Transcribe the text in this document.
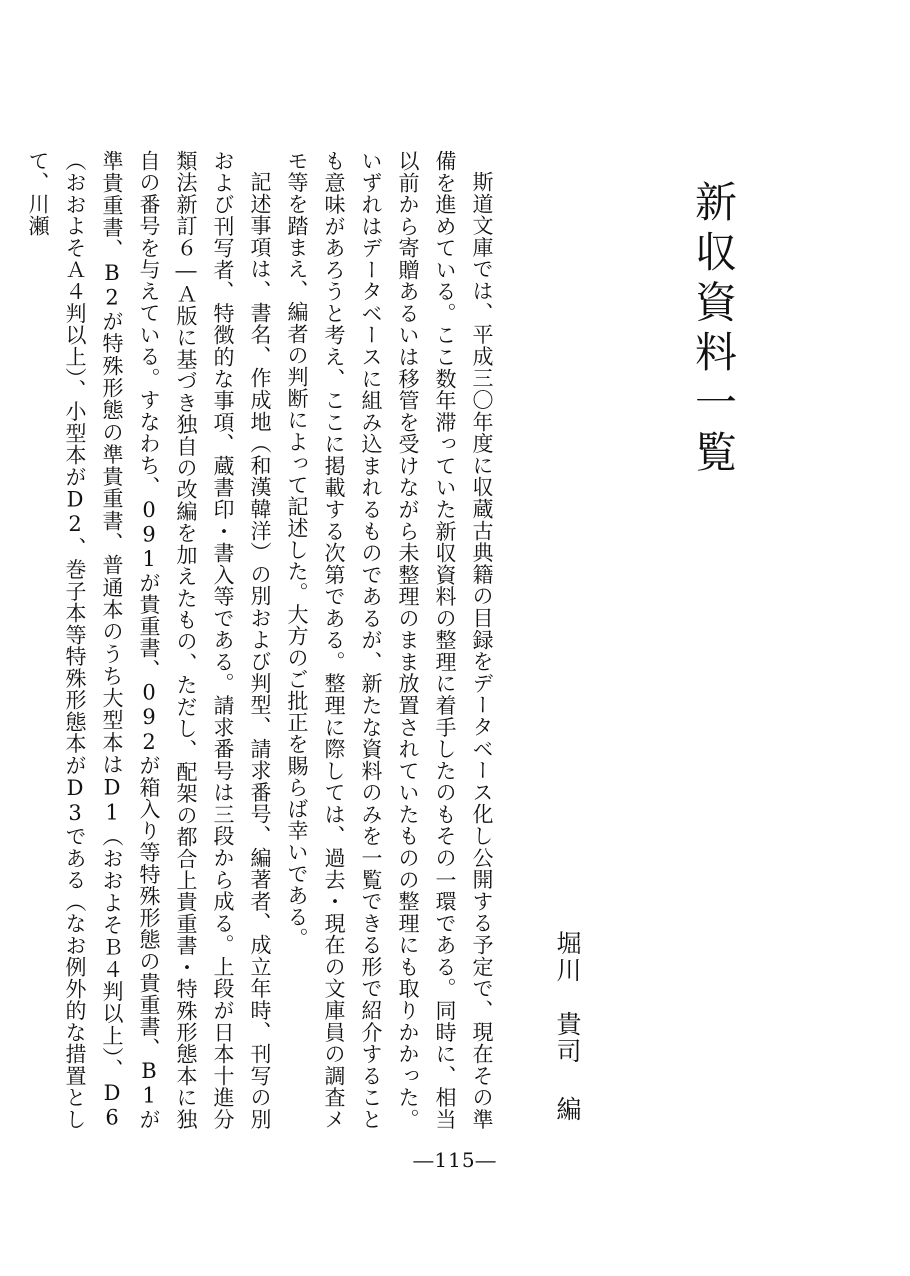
新収資料一覧
堀川　貴司 編

斯道文庫では、平成三〇年度に収蔵古典籍の目録をデータベース化し公開する予定で、現在その準備を進めている。ここ数年滞っていた新収資料の整理に着手したのもその一環である。同時に、相当以前から寄贈あるいは移管を受けながら未整理のまま放置されていたものの整理にも取りかかった。いずれはデータベースに組み込まれるものであるが、新たな資料のみを一覧できる形で紹介することも意味があろうと考え、ここに掲載する次第である。整理に際しては、過去・現在の文庫員の調査メモ等を踏まえ、編者の判断によって記述した。大方のご批正を賜らば幸いである。

記述事項は、書名、作成地（和漢韓洋）の別および判型、請求番号、編著者、成立年時、刊写の別および刊写者、特徴的な事項、蔵書印・書入等である。請求番号は三段から成る。上段が日本十進分類法新訂６―Ａ版に基づき独自の改編を加えたもの、ただし、配架の都合上貴重書・特殊形態本に独自の番号を与えている。すなわち、091が貴重書、092が箱入り等特殊形態の貴重書、B1が準貴重書、B2が特殊形態の準貴重書、普通本のうち大型本はD1（おおよそＢ４判以上）、D6（おおよそＡ４判以上）、小型本がD2、巻子本等特殊形態本がD3である（なお例外的な措置として、川瀬

―115―
